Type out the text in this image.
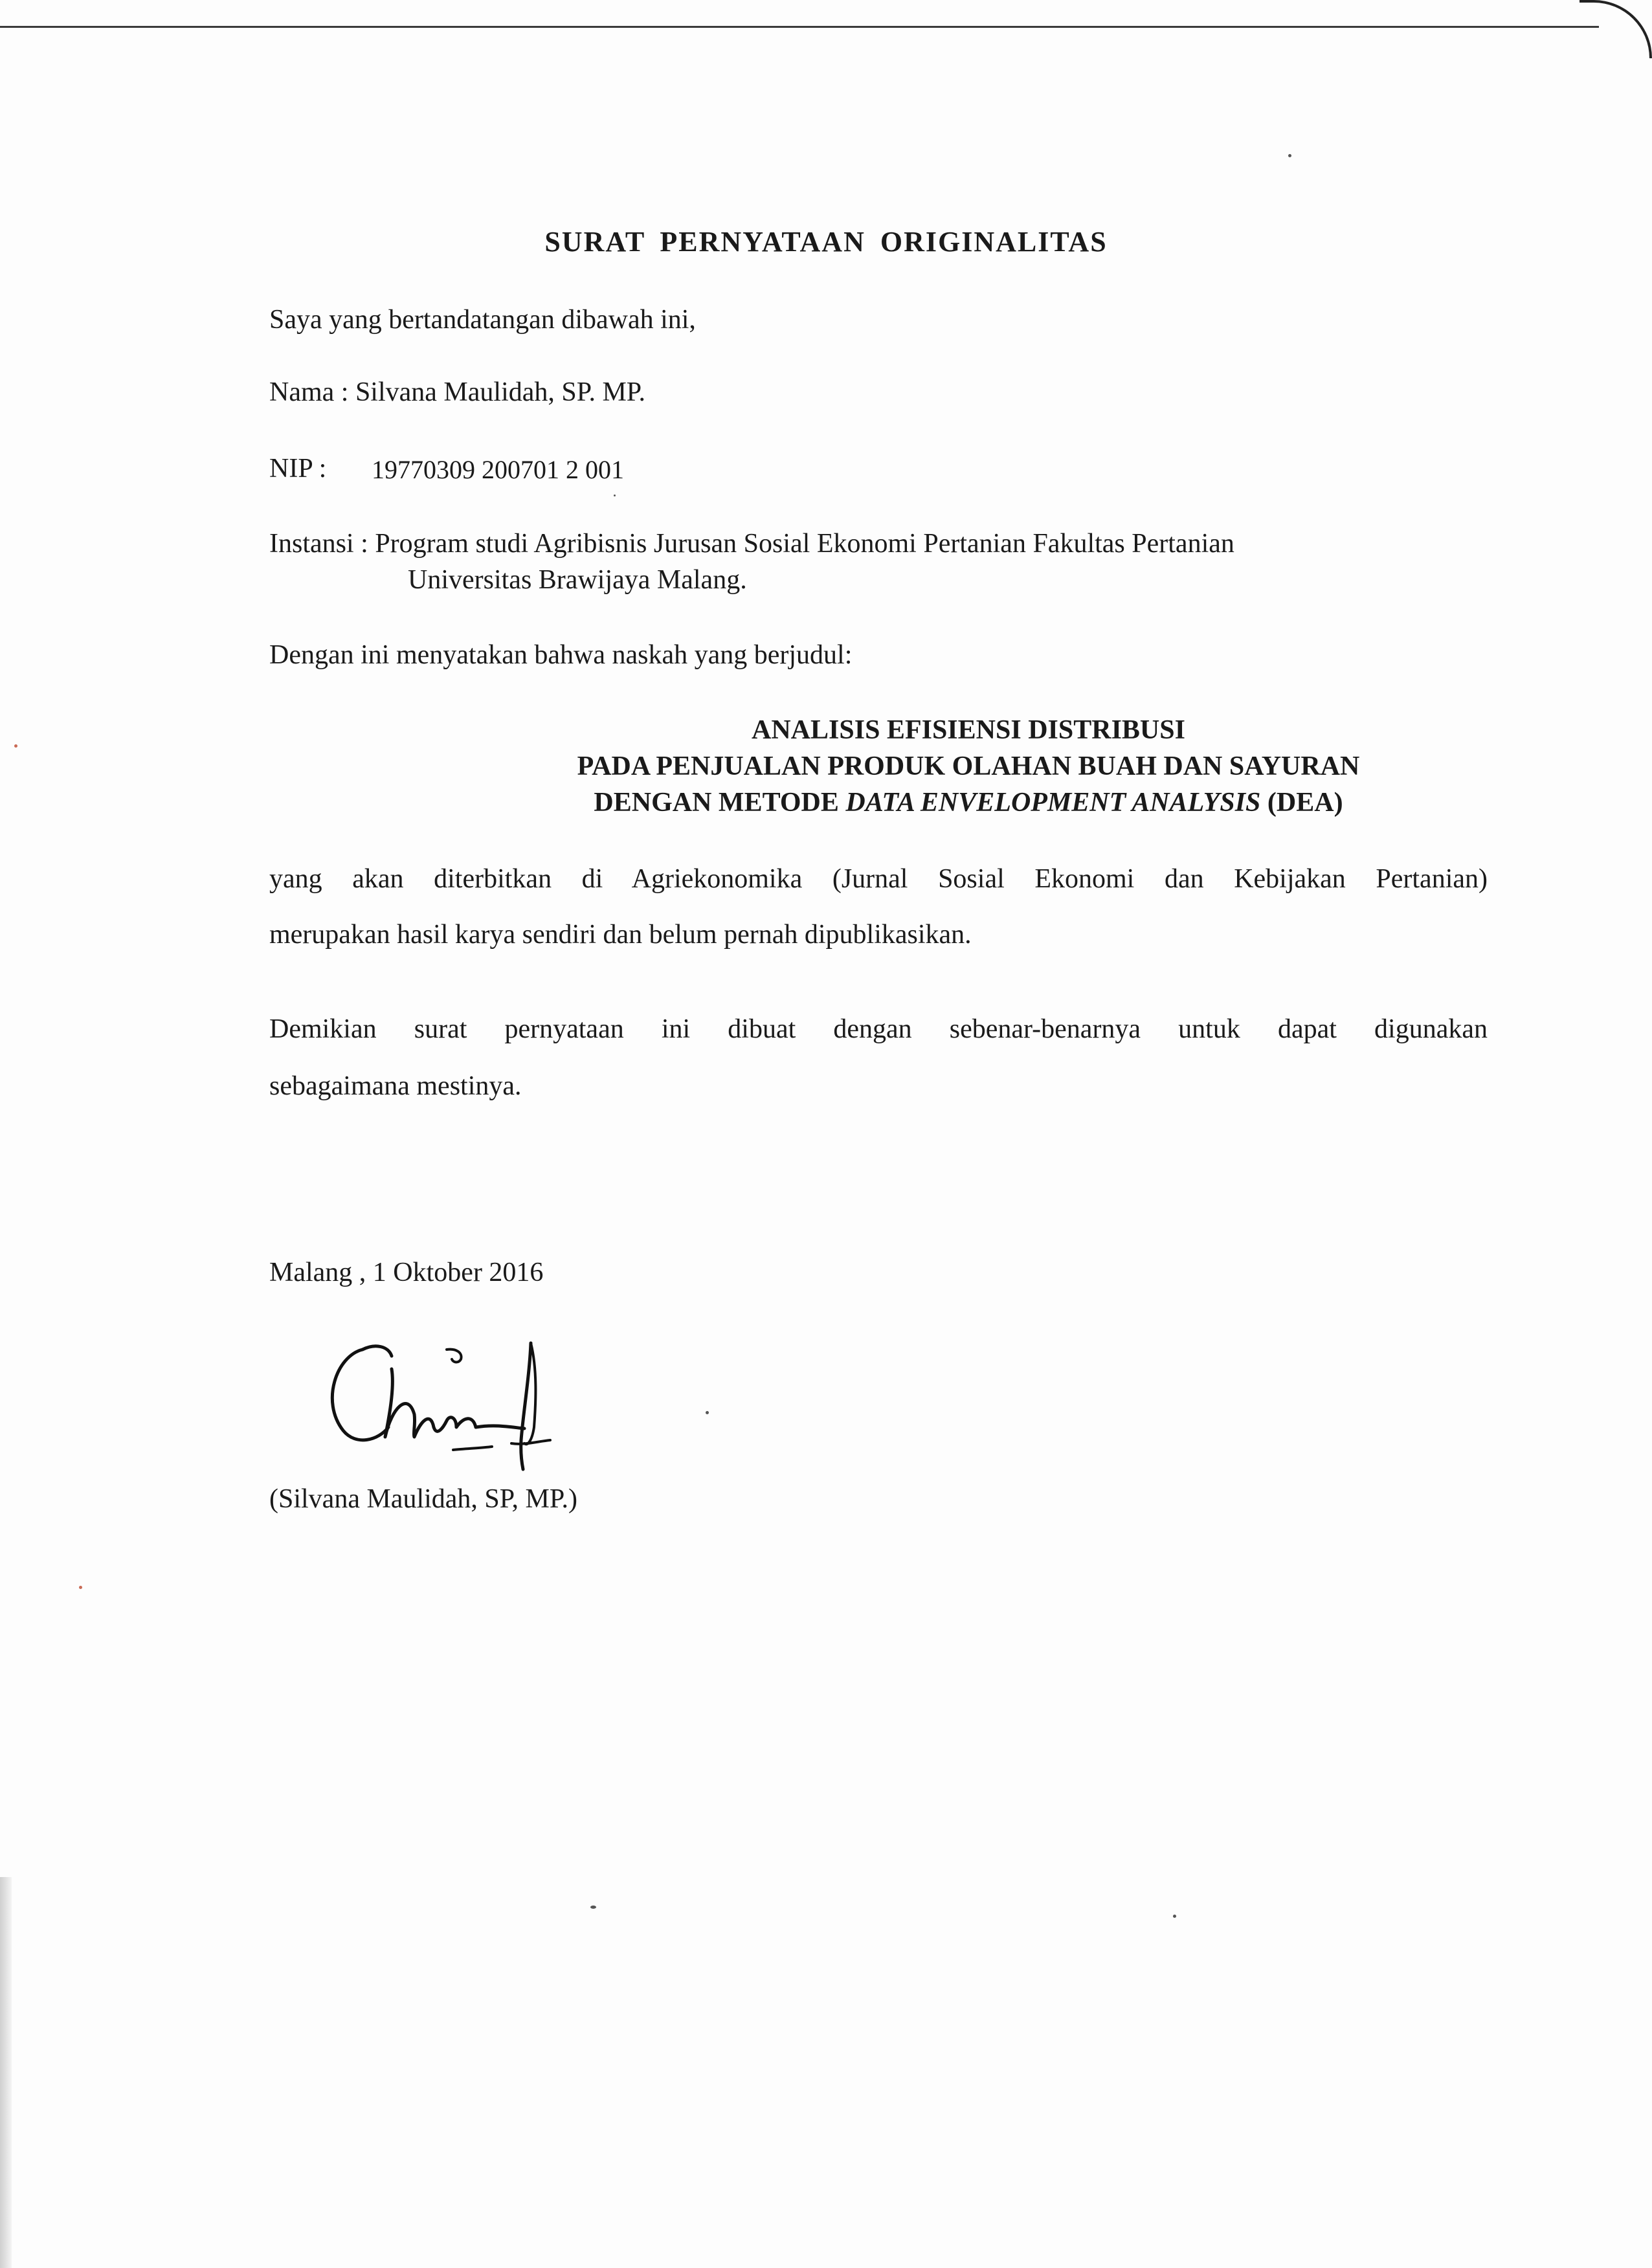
SURAT PERNYATAAN ORIGINALITAS
Saya yang bertandatangan dibawah ini,
Nama : Silvana Maulidah, SP. MP.
NIP : 19770309 200701 2 001
Instansi : Program studi Agribisnis Jurusan Sosial Ekonomi Pertanian Fakultas Pertanian
Universitas Brawijaya Malang.
Dengan ini menyatakan bahwa naskah yang berjudul:
ANALISIS EFISIENSI DISTRIBUSI
PADA PENJUALAN PRODUK OLAHAN BUAH DAN SAYURAN
DENGAN METODE DATA ENVELOPMENT ANALYSIS (DEA)
yang akan diterbitkan di Agriekonomika (Jurnal Sosial Ekonomi dan Kebijakan Pertanian)
merupakan hasil karya sendiri dan belum pernah dipublikasikan.
Demikian surat pernyataan ini dibuat dengan sebenar-benarnya untuk dapat digunakan
sebagaimana mestinya.
Malang , 1 Oktober 2016
(Silvana Maulidah, SP, MP.)
